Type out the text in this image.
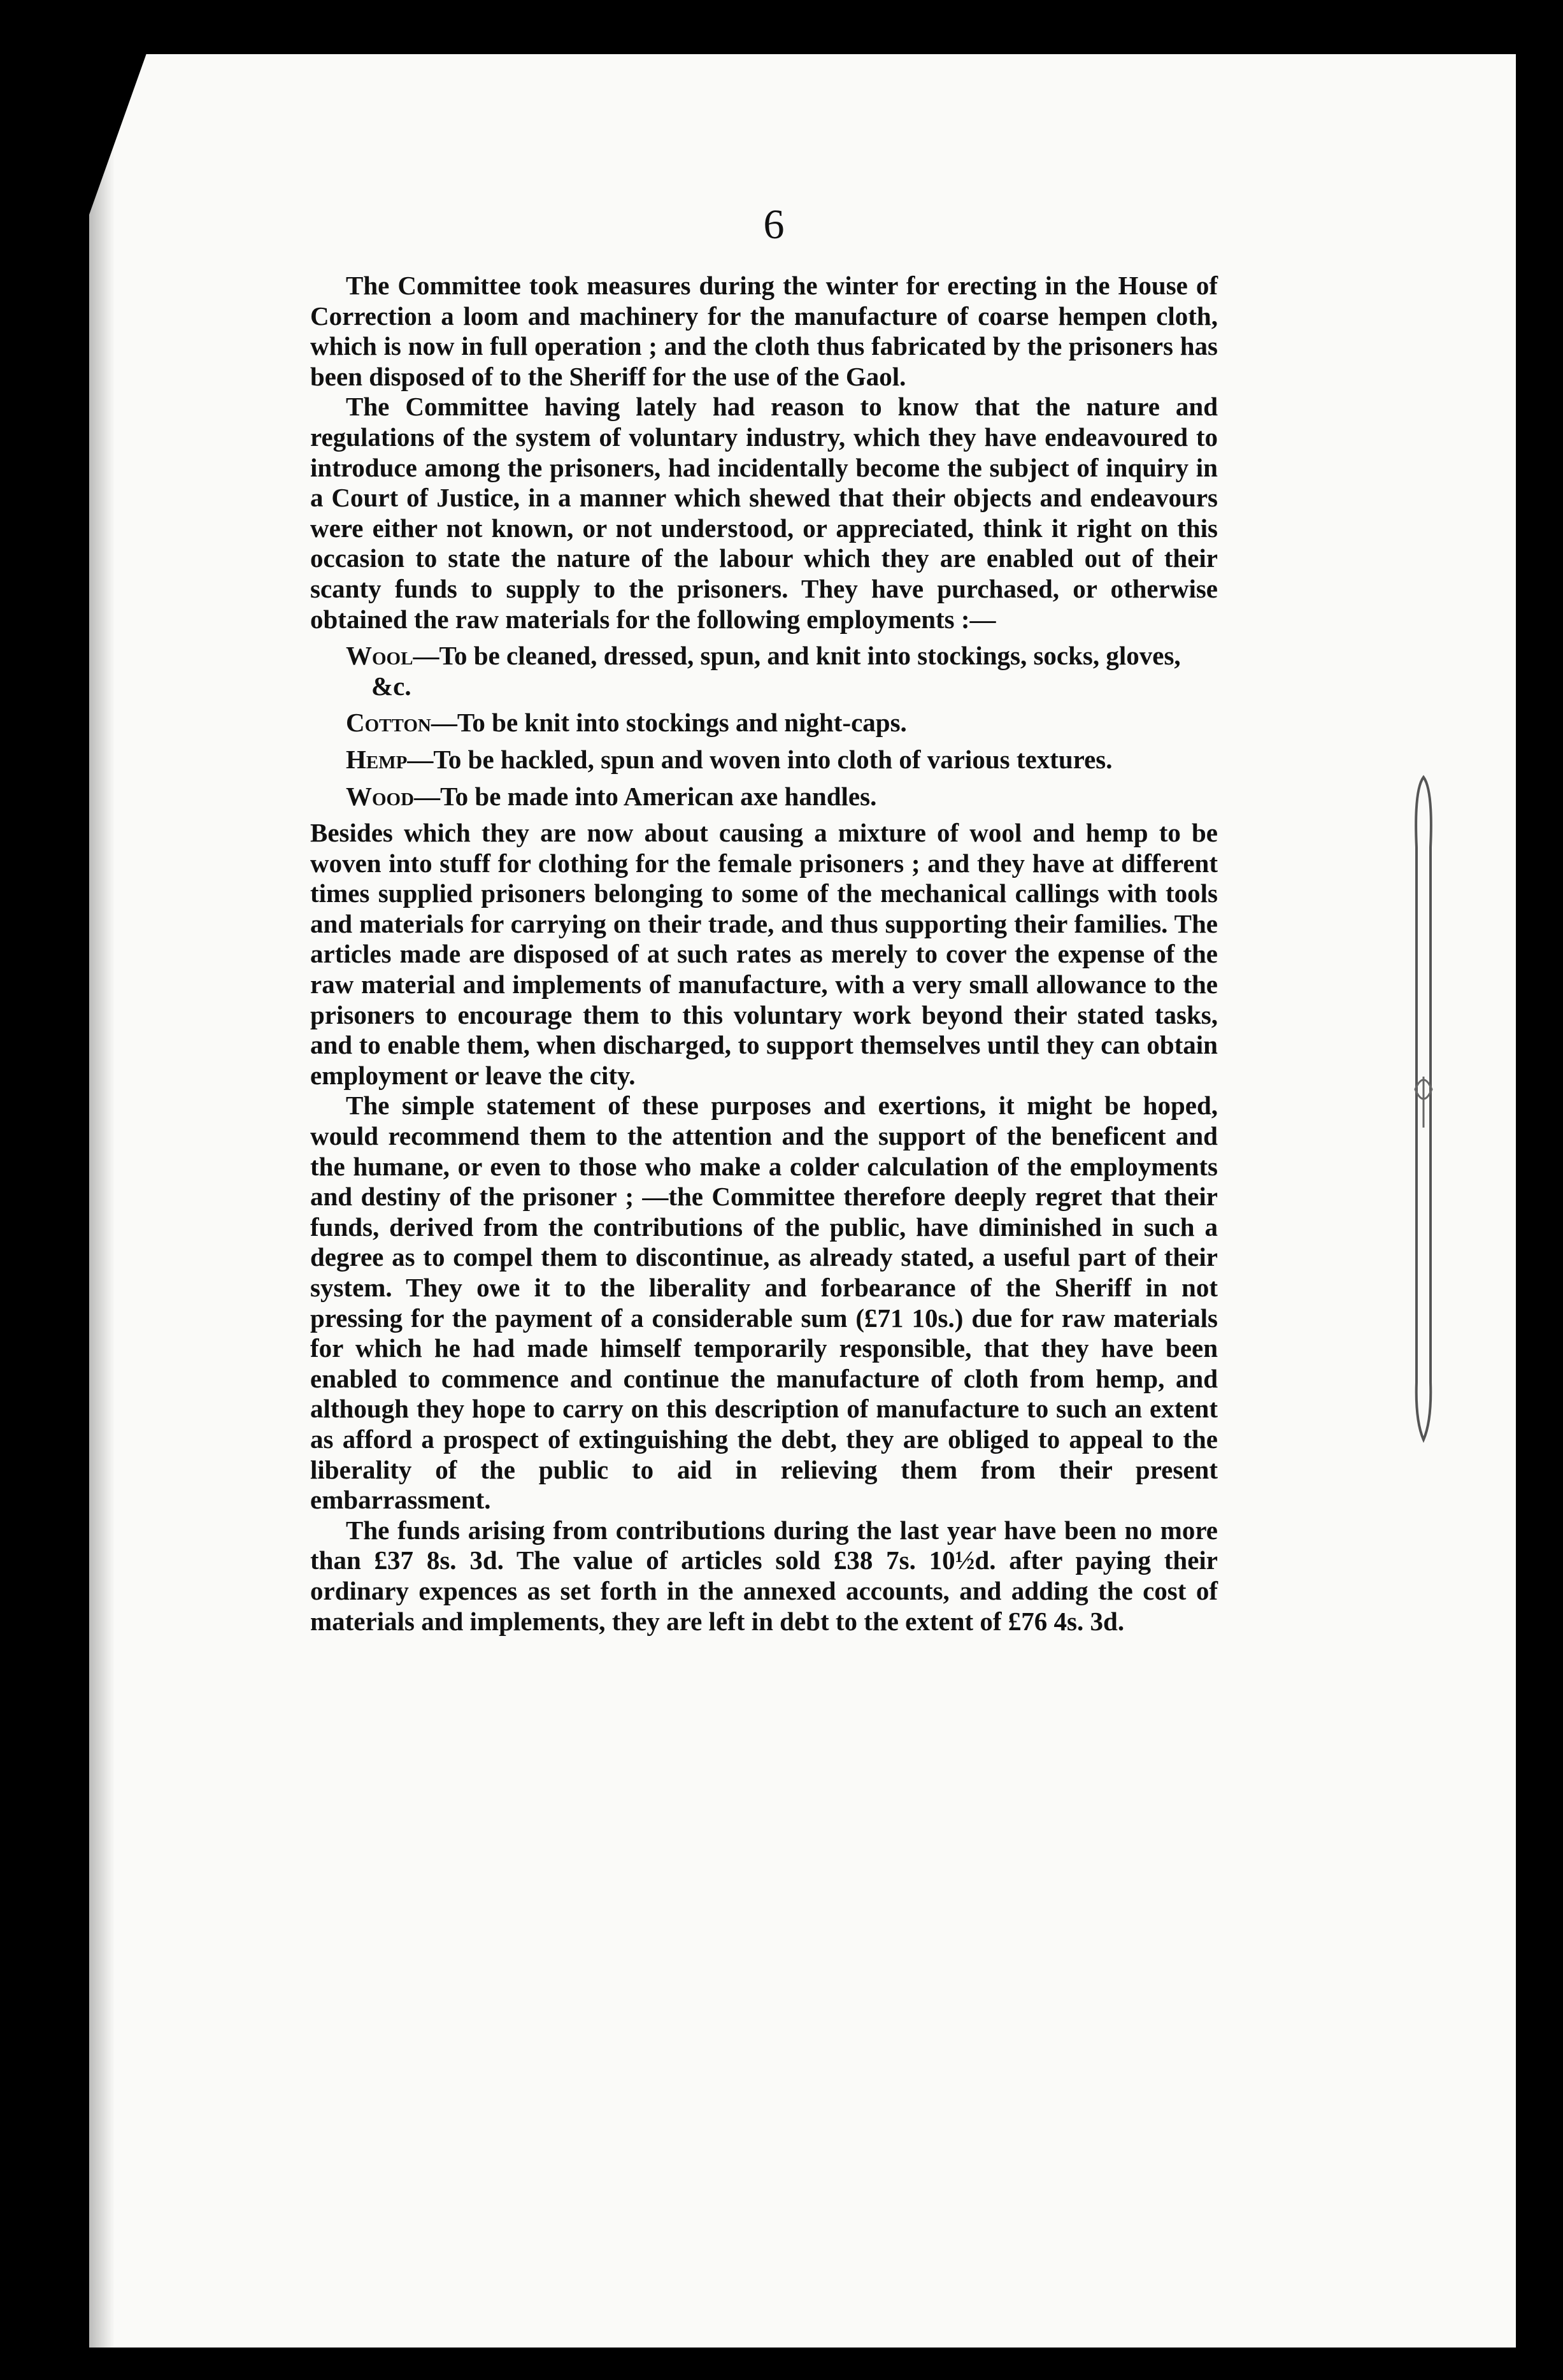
6

The Committee took measures during the winter for erecting in the House of Correction a loom and machinery for the manufacture of coarse hempen cloth, which is now in full operation ; and the cloth thus fabricated by the prisoners has been disposed of to the Sheriff for the use of the Gaol.

The Committee having lately had reason to know that the nature and regulations of the system of voluntary industry, which they have endeavoured to introduce among the prisoners, had incidentally become the subject of inquiry in a Court of Justice, in a manner which shewed that their objects and endeavours were either not known, or not understood, or appreciated, think it right on this occasion to state the nature of the labour which they are enabled out of their scanty funds to supply to the prisoners. They have purchased, or otherwise obtained the raw materials for the following employments :—

Wool—To be cleaned, dressed, spun, and knit into stockings, socks, gloves, &c.
Cotton—To be knit into stockings and night-caps.
Hemp—To be hackled, spun and woven into cloth of various textures.
Wood—To be made into American axe handles.

Besides which they are now about causing a mixture of wool and hemp to be woven into stuff for clothing for the female prisoners ; and they have at different times supplied prisoners belonging to some of the mechanical callings with tools and materials for carrying on their trade, and thus supporting their families. The articles made are disposed of at such rates as merely to cover the expense of the raw material and implements of manufacture, with a very small allowance to the prisoners to encourage them to this voluntary work beyond their stated tasks, and to enable them, when discharged, to support themselves until they can obtain employment or leave the city.

The simple statement of these purposes and exertions, it might be hoped, would recommend them to the attention and the support of the beneficent and the humane, or even to those who make a colder calculation of the employments and destiny of the prisoner ; —the Committee therefore deeply regret that their funds, derived from the contributions of the public, have diminished in such a degree as to compel them to discontinue, as already stated, a useful part of their system. They owe it to the liberality and forbearance of the Sheriff in not pressing for the payment of a considerable sum (£71 10s.) due for raw materials for which he had made himself temporarily responsible, that they have been enabled to commence and continue the manufacture of cloth from hemp, and although they hope to carry on this description of manufacture to such an extent as afford a prospect of extinguishing the debt, they are obliged to appeal to the liberality of the public to aid in relieving them from their present embarrassment.

The funds arising from contributions during the last year have been no more than £37 8s. 3d. The value of articles sold £38 7s. 10½d. after paying their ordinary expences as set forth in the annexed accounts, and adding the cost of materials and implements, they are left in debt to the extent of £76 4s. 3d.
